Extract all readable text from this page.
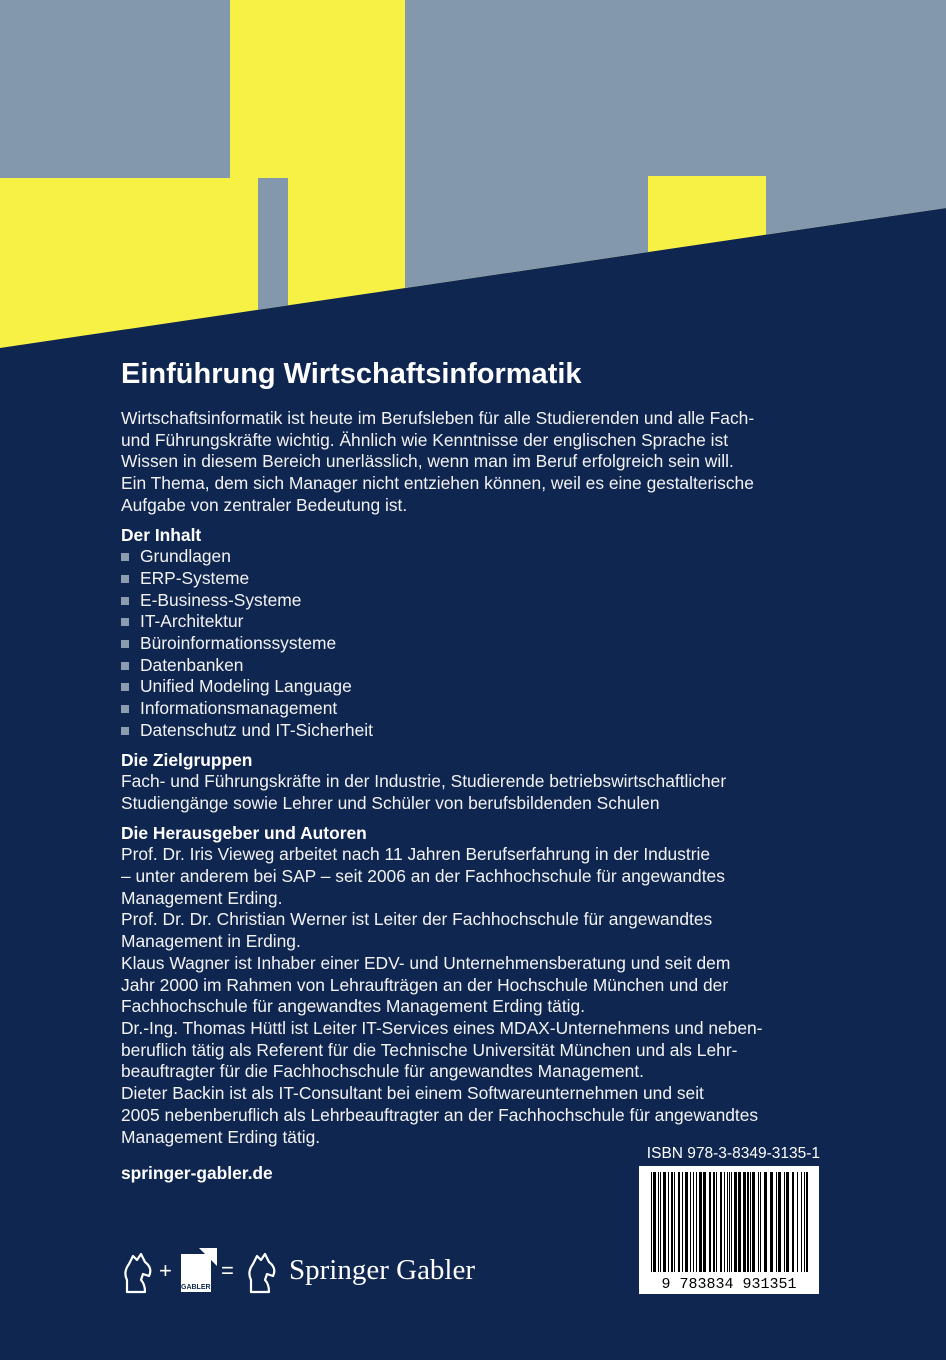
Einführung Wirtschaftsinformatik

Wirtschaftsinformatik ist heute im Berufsleben für alle Studierenden und alle Fach-

und Führungskräfte wichtig. Ähnlich wie Kenntnisse der englischen Sprache ist

Wissen in diesem Bereich unerlässlich, wenn man im Beruf erfolgreich sein will.

Ein Thema, dem sich Manager nicht entziehen können, weil es eine gestalterische

Aufgabe von zentraler Bedeutung ist.

Der Inhalt
Grundlagen
ERP-Systeme
E-Business-Systeme
IT-Architektur
Büroinformationssysteme
Datenbanken
Unified Modeling Language
Informationsmanagement
Datenschutz und IT-Sicherheit
Die Zielgruppen

Fach- und Führungskräfte in der Industrie, Studierende betriebswirtschaftlicher

Studiengänge sowie Lehrer und Schüler von berufsbildenden Schulen

Die Herausgeber und Autoren

Prof. Dr. Iris Vieweg arbeitet nach 11 Jahren Berufserfahrung in der Industrie

– unter anderem bei SAP – seit 2006 an der Fachhochschule für angewandtes

Management Erding.

Prof. Dr. Dr. Christian Werner ist Leiter der Fachhochschule für angewandtes

Management in Erding.

Klaus Wagner ist Inhaber einer EDV- und Unternehmensberatung und seit dem

Jahr 2000 im Rahmen von Lehraufträgen an der Hochschule München und der

Fachhochschule für angewandtes Management Erding tätig.

Dr.-Ing. Thomas Hüttl ist Leiter IT-Services eines MDAX-Unternehmens und neben-

beruflich tätig als Referent für die Technische Universität München und als Lehr-

beauftragter für die Fachhochschule für angewandtes Management.

Dieter Backin ist als IT-Consultant bei einem Softwareunternehmen und seit

2005 nebenberuflich als Lehrbeauftragter an der Fachhochschule für angewandtes

Management Erding tätig.

ISBN 978-3-8349-3135-1
9 783834 931351
springer-gabler.de
+
GABLER
= Springer Gabler
